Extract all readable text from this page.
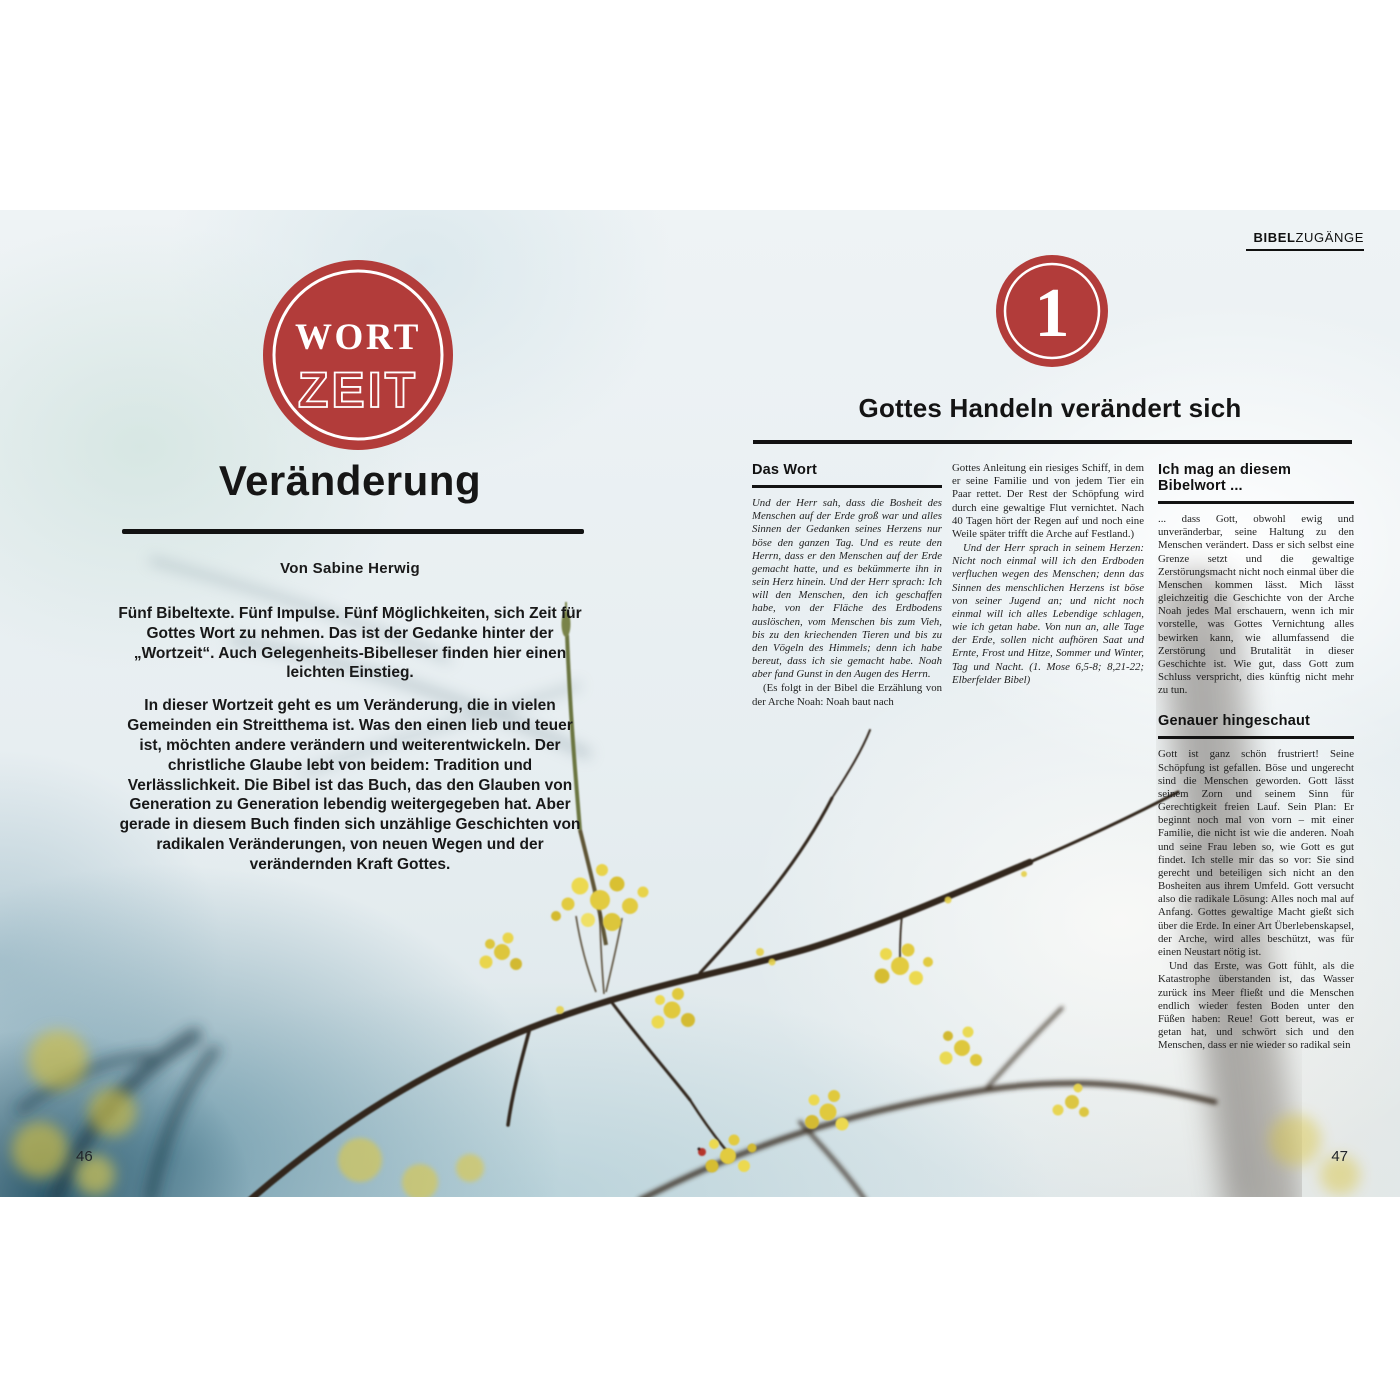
BIBELZUGÄNGE
WORT
ZEIT
Veränderung
Von Sabine Herwig

Fünf Bibeltexte. Fünf Impulse. Fünf Möglichkeiten, sich Zeit für Gottes Wort zu nehmen. Das ist der Gedanke hinter der „Wortzeit“. Auch Gelegenheits-Bibelleser finden hier einen leichten Einstieg.

In dieser Wortzeit geht es um Veränderung, die in vielen Gemeinden ein Streitthema ist. Was den einen lieb und teuer ist, möchten andere verändern und weiterentwickeln. Der christliche Glaube lebt von beidem: Tradition und Verlässlichkeit. Die Bibel ist das Buch, das den Glauben von Generation zu Generation lebendig weitergegeben hat. Aber gerade in diesem Buch finden sich unzählige Geschichten von radikalen Veränderungen, von neuen Wegen und der verändernden Kraft Gottes.

1
Gottes Handeln verändert sich
Das Wort

Und der Herr sah, dass die Bosheit des Menschen auf der Erde groß war und alles Sinnen der Gedanken seines Herzens nur böse den ganzen Tag. Und es reute den Herrn, dass er den Menschen auf der Erde gemacht hatte, und es bekümmerte ihn in sein Herz hinein. Und der Herr sprach: Ich will den Menschen, den ich geschaffen habe, von der Fläche des Erdbodens auslöschen, vom Menschen bis zum Vieh, bis zu den kriechenden Tieren und bis zu den Vögeln des Himmels; denn ich habe bereut, dass ich sie gemacht habe. Noah aber fand Gunst in den Augen des Herrn.

(Es folgt in der Bibel die Erzählung von der Arche Noah: Noah baut nach

Gottes Anleitung ein riesiges Schiff, in dem er seine Familie und von jedem Tier ein Paar rettet. Der Rest der Schöpfung wird durch eine gewaltige Flut vernichtet. Nach 40 Tagen hört der Regen auf und noch eine Weile später trifft die Arche auf Festland.)

Und der Herr sprach in seinem Herzen: Nicht noch einmal will ich den Erdboden verfluchen wegen des Menschen; denn das Sinnen des menschlichen Herzens ist böse von seiner Jugend an; und nicht noch einmal will ich alles Lebendige schlagen, wie ich getan habe. Von nun an, alle Tage der Erde, sollen nicht aufhören Saat und Ernte, Frost und Hitze, Sommer und Winter, Tag und Nacht. (1. Mose 6,5-8; 8,21-22; Elberfelder Bibel)

Ich mag an diesem Bibelwort ...

... dass Gott, obwohl ewig und unveränderbar, seine Haltung zu den Menschen verändert. Dass er sich selbst eine Grenze setzt und die gewaltige Zerstörungsmacht nicht noch einmal über die Menschen kommen lässt. Mich lässt gleichzeitig die Geschichte von der Arche Noah jedes Mal erschauern, wenn ich mir vorstelle, was Gottes Vernichtung alles bewirken kann, wie allumfassend die Zerstörung und Brutalität in dieser Geschichte ist. Wie gut, dass Gott zum Schluss verspricht, dies künftig nicht mehr zu tun.

Genauer hingeschaut

Gott ist ganz schön frustriert! Seine Schöpfung ist gefallen. Böse und ungerecht sind die Menschen geworden. Gott lässt seinem Zorn und seinem Sinn für Gerechtigkeit freien Lauf. Sein Plan: Er beginnt noch mal von vorn – mit einer Familie, die nicht ist wie die anderen. Noah und seine Frau leben so, wie Gott es gut findet. Ich stelle mir das so vor: Sie sind gerecht und beteiligen sich nicht an den Bosheiten aus ihrem Umfeld. Gott versucht also die radikale Lösung: Alles noch mal auf Anfang. Gottes gewaltige Macht gießt sich über die Erde. In einer Art Überlebenskapsel, der Arche, wird alles beschützt, was für einen Neustart nötig ist.

Und das Erste, was Gott fühlt, als die Katastrophe überstanden ist, das Wasser zurück ins Meer fließt und die Menschen endlich wieder festen Boden unter den Füßen haben: Reue! Gott bereut, was er getan hat, und schwört sich und den Menschen, dass er nie wieder so radikal sein

46	47
